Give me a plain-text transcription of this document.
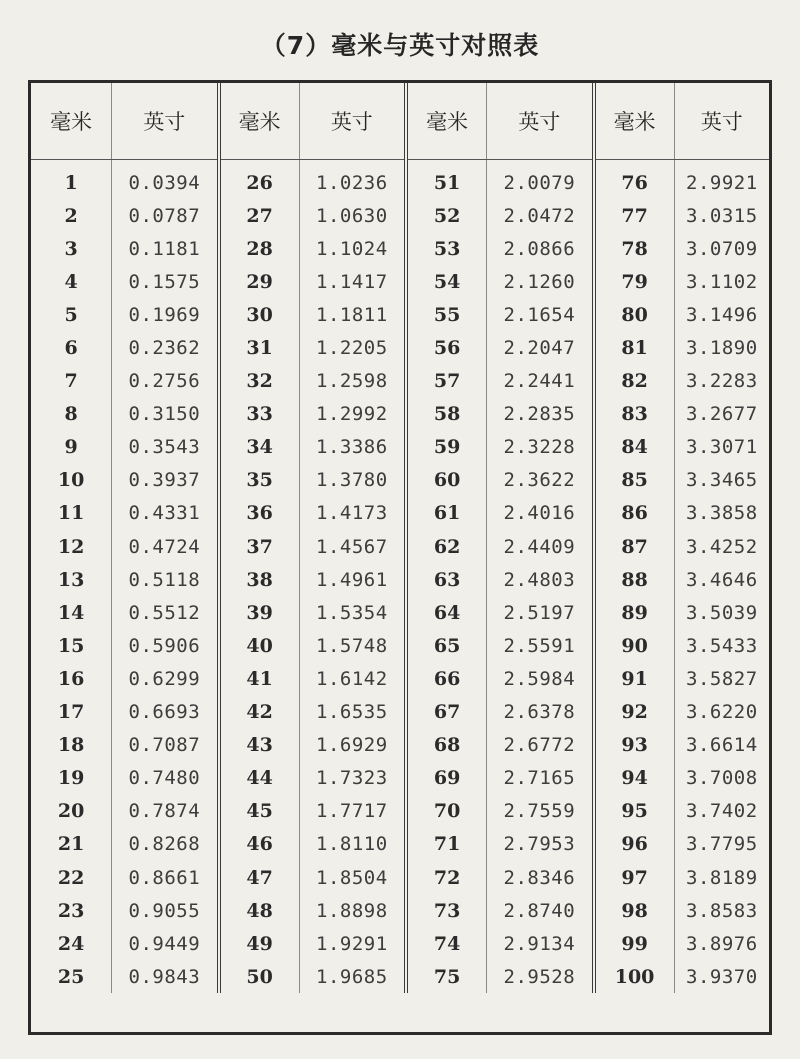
（7）毫米与英寸对照表
毫米	英寸	毫米	英寸	毫米	英寸	毫米	英寸
1	0.0394	26	1.0236	51	2.0079	76	2.9921
2	0.0787	27	1.0630	52	2.0472	77	3.0315
3	0.1181	28	1.1024	53	2.0866	78	3.0709
4	0.1575	29	1.1417	54	2.1260	79	3.1102
5	0.1969	30	1.1811	55	2.1654	80	3.1496
6	0.2362	31	1.2205	56	2.2047	81	3.1890
7	0.2756	32	1.2598	57	2.2441	82	3.2283
8	0.3150	33	1.2992	58	2.2835	83	3.2677
9	0.3543	34	1.3386	59	2.3228	84	3.3071
10	0.3937	35	1.3780	60	2.3622	85	3.3465
11	0.4331	36	1.4173	61	2.4016	86	3.3858
12	0.4724	37	1.4567	62	2.4409	87	3.4252
13	0.5118	38	1.4961	63	2.4803	88	3.4646
14	0.5512	39	1.5354	64	2.5197	89	3.5039
15	0.5906	40	1.5748	65	2.5591	90	3.5433
16	0.6299	41	1.6142	66	2.5984	91	3.5827
17	0.6693	42	1.6535	67	2.6378	92	3.6220
18	0.7087	43	1.6929	68	2.6772	93	3.6614
19	0.7480	44	1.7323	69	2.7165	94	3.7008
20	0.7874	45	1.7717	70	2.7559	95	3.7402
21	0.8268	46	1.8110	71	2.7953	96	3.7795
22	0.8661	47	1.8504	72	2.8346	97	3.8189
23	0.9055	48	1.8898	73	2.8740	98	3.8583
24	0.9449	49	1.9291	74	2.9134	99	3.8976
25	0.9843	50	1.9685	75	2.9528	100	3.9370
